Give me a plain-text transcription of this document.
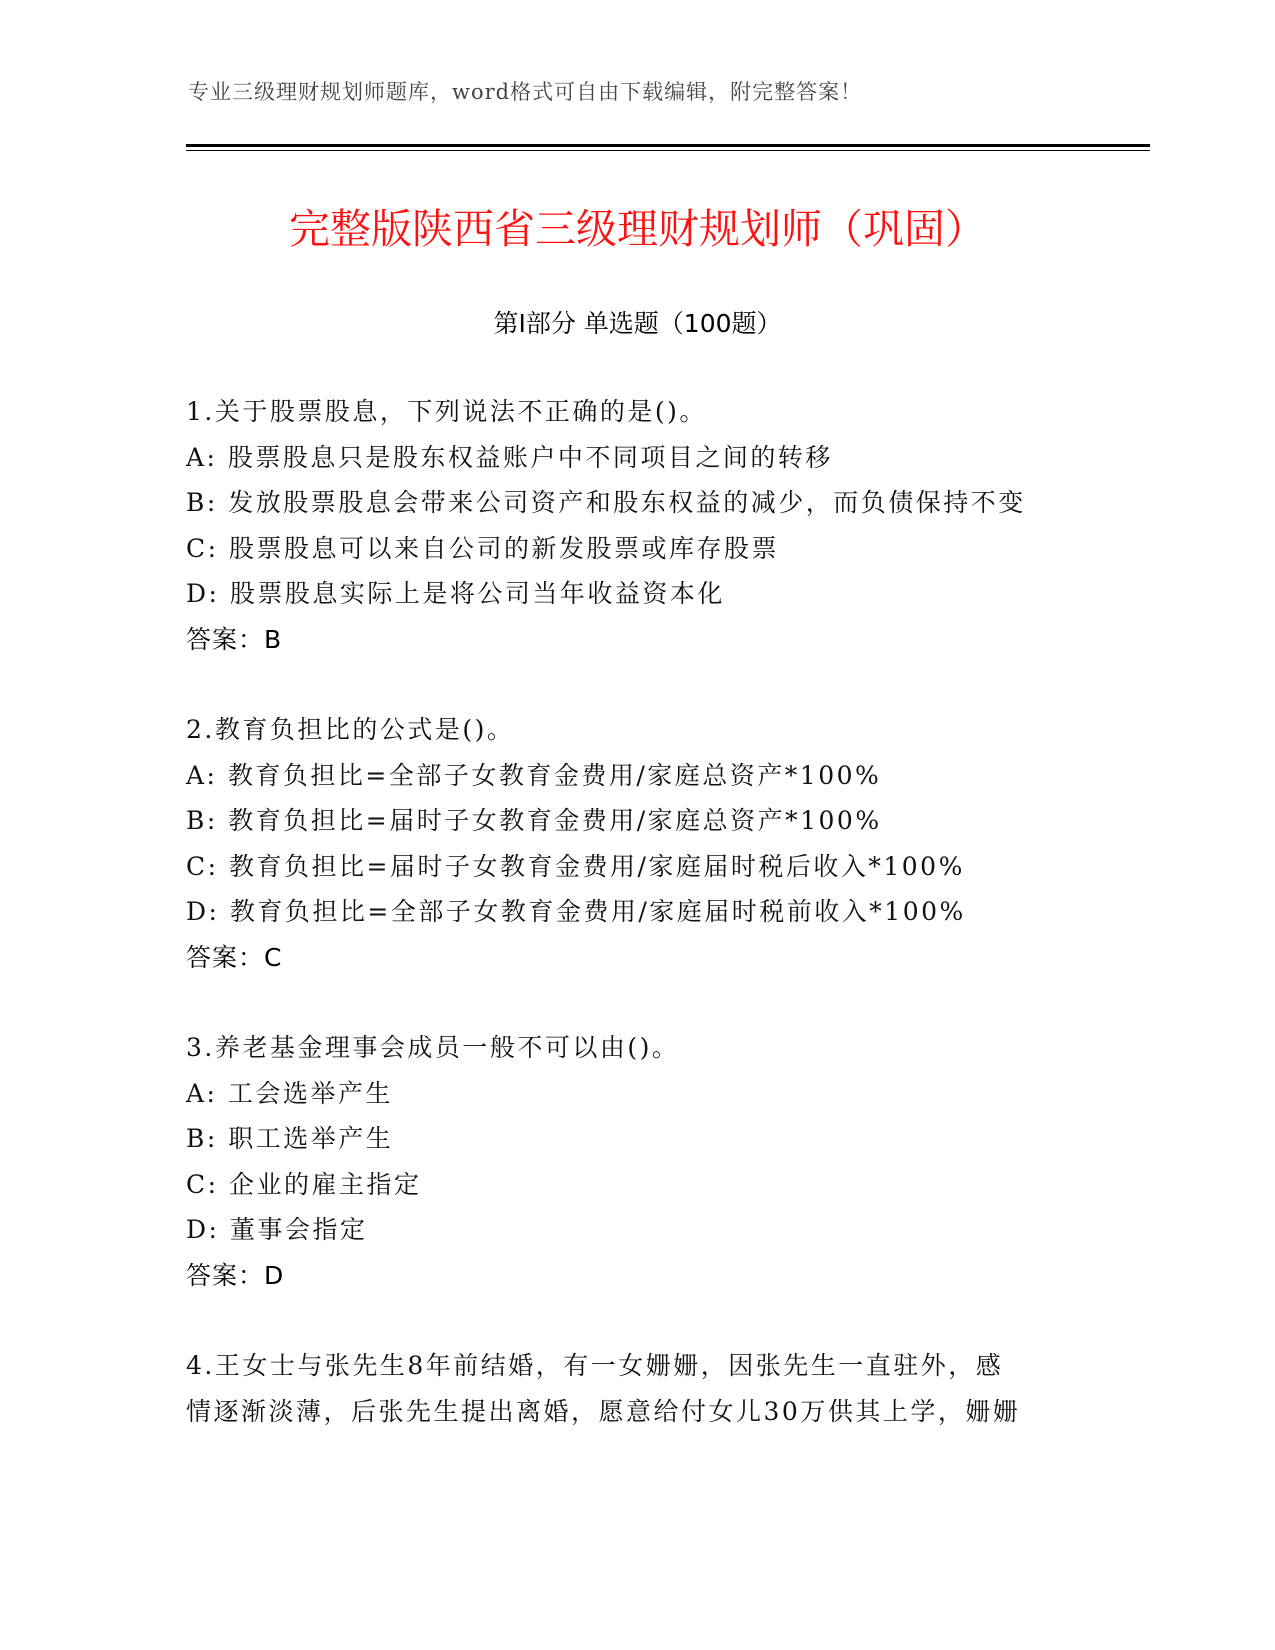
专业三级理财规划师题库，word格式可自由下载编辑，附完整答案！
完整版陕西省三级理财规划师（巩固）
第Ⅰ部分 单选题（100题）
1.关于股票股息，下列说法不正确的是()。
A: 股票股息只是股东权益账户中不同项目之间的转移
B: 发放股票股息会带来公司资产和股东权益的减少，而负债保持不变
C: 股票股息可以来自公司的新发股票或库存股票
D: 股票股息实际上是将公司当年收益资本化
答案：B
2.教育负担比的公式是()。
A: 教育负担比=全部子女教育金费用/家庭总资产*100%
B: 教育负担比=届时子女教育金费用/家庭总资产*100%
C: 教育负担比=届时子女教育金费用/家庭届时税后收入*100%
D: 教育负担比=全部子女教育金费用/家庭届时税前收入*100%
答案：C
3.养老基金理事会成员一般不可以由()。
A: 工会选举产生
B: 职工选举产生
C: 企业的雇主指定
D: 董事会指定
答案：D
4.王女士与张先生8年前结婚，有一女姗姗，因张先生一直驻外，感
情逐渐淡薄，后张先生提出离婚，愿意给付女儿30万供其上学，姗姗
